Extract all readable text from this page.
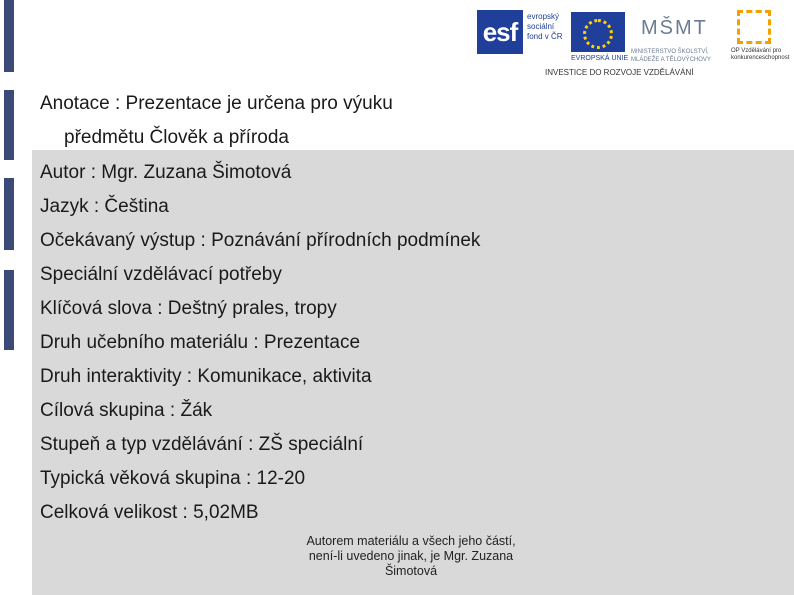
esf
evropský sociální fond v ČR
EVROPSKÁ UNIE
MŠMT
MINISTERSTVO ŠKOLSTVÍ, MLÁDEŽE A TĚLOVÝCHOVY
OP Vzdělávání pro konkurenceschopnost
INVESTICE DO ROZVOJE VZDĚLÁVÁNÍ
Anotace : Prezentace je určena pro výuku
předmětu Člověk a příroda
Autor : Mgr. Zuzana Šimotová
Jazyk : Čeština
Očekávaný výstup : Poznávání přírodních podmínek
Speciální vzdělávací potřeby
Klíčová slova : Deštný prales, tropy
Druh učebního materiálu : Prezentace
Druh interaktivity : Komunikace, aktivita
Cílová skupina : Žák
Stupeň a typ vzdělávání : ZŠ speciální
Typická věková skupina : 12-20
Celková velikost : 5,02MB
Autorem materiálu a všech jeho částí, není-li uvedeno jinak, je Mgr. Zuzana Šimotová
